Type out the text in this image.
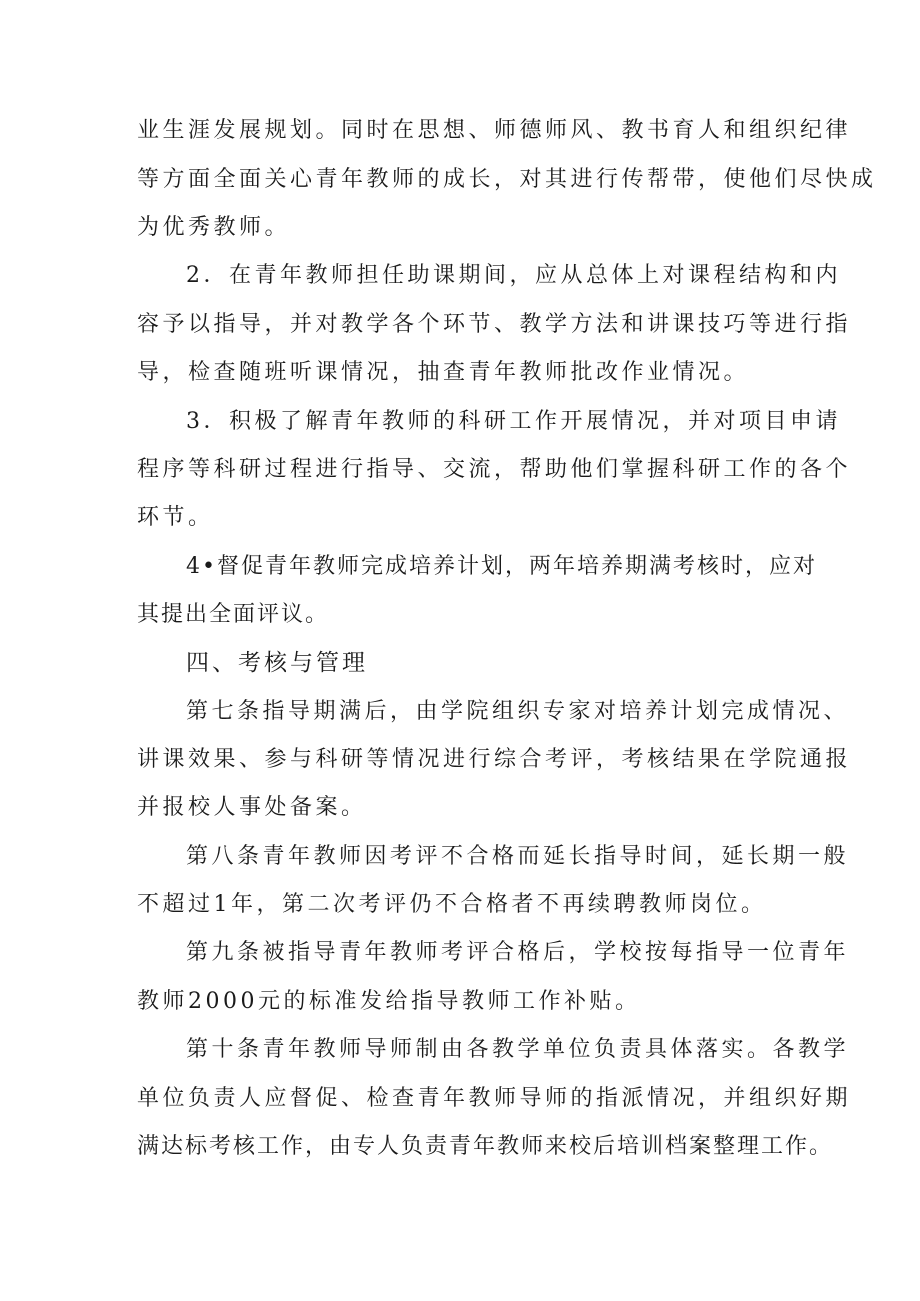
业生涯发展规划。同时在思想、师德师风、教书育人和组织纪律
等方面全面关心青年教师的成长，对其进行传帮带，使他们尽快成
为优秀教师。
2．在青年教师担任助课期间，应从总体上对课程结构和内
容予以指导，并对教学各个环节、教学方法和讲课技巧等进行指
导，检查随班听课情况，抽查青年教师批改作业情况。
3．积极了解青年教师的科研工作开展情况，并对项目申请
程序等科研过程进行指导、交流，帮助他们掌握科研工作的各个
环节。
4•督促青年教师完成培养计划，两年培养期满考核时，应对
其提出全面评议。
四、考核与管理
第七条指导期满后，由学院组织专家对培养计划完成情况、
讲课效果、参与科研等情况进行综合考评，考核结果在学院通报
并报校人事处备案。
第八条青年教师因考评不合格而延长指导时间，延长期一般
不超过1年，第二次考评仍不合格者不再续聘教师岗位。
第九条被指导青年教师考评合格后，学校按每指导一位青年
教师2000元的标准发给指导教师工作补贴。
第十条青年教师导师制由各教学单位负责具体落实。各教学
单位负责人应督促、检查青年教师导师的指派情况，并组织好期
满达标考核工作，由专人负责青年教师来校后培训档案整理工作。
